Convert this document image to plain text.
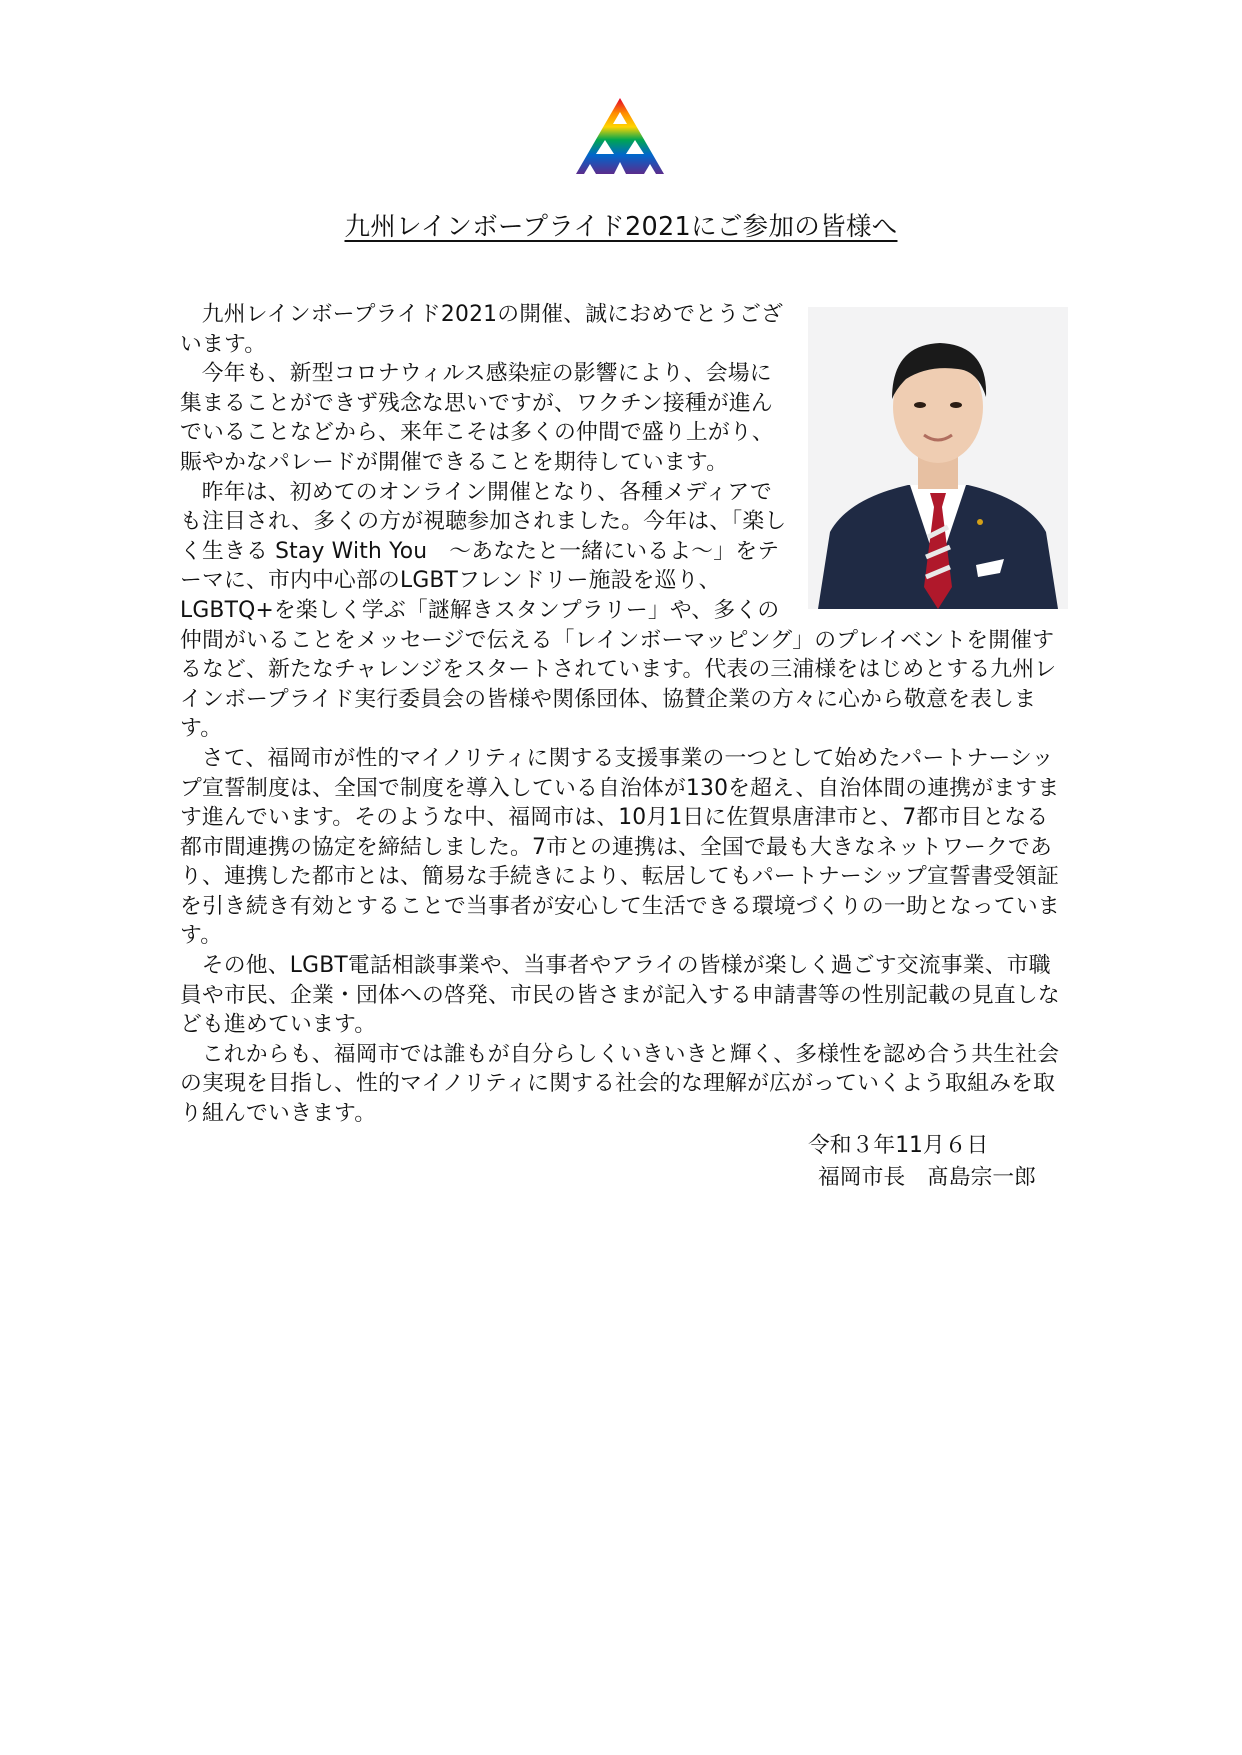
九州レインボープライド2021にご参加の皆様へ

九州レインボープライド2021の開催、誠におめでとうございます。

今年も、新型コロナウィルス感染症の影響により、会場に集まることができず残念な思いですが、ワクチン接種が進んでいることなどから、来年こそは多くの仲間で盛り上がり、賑やかなパレードが開催できることを期待しています。

昨年は、初めてのオンライン開催となり、各種メディアでも注目され、多くの方が視聴参加されました。今年は、「楽しく生きる Stay With You　～あなたと一緒にいるよ～」をテーマに、市内中心部のLGBTフレンドリー施設を巡り、LGBTQ+を楽しく学ぶ「謎解きスタンプラリー」や、多くの仲間がいることをメッセージで伝える「レインボーマッピング」のプレイベントを開催するなど、新たなチャレンジをスタートされています。代表の三浦様をはじめとする九州レインボープライド実行委員会の皆様や関係団体、協賛企業の方々に心から敬意を表します。

さて、福岡市が性的マイノリティに関する支援事業の一つとして始めたパートナーシップ宣誓制度は、全国で制度を導入している自治体が130を超え、自治体間の連携がますます進んでいます。そのような中、福岡市は、10月1日に佐賀県唐津市と、7都市目となる都市間連携の協定を締結しました。7市との連携は、全国で最も大きなネットワークであり、連携した都市とは、簡易な手続きにより、転居してもパートナーシップ宣誓書受領証を引き続き有効とすることで当事者が安心して生活できる環境づくりの一助となっています。

その他、LGBT電話相談事業や、当事者やアライの皆様が楽しく過ごす交流事業、市職員や市民、企業・団体への啓発、市民の皆さまが記入する申請書等の性別記載の見直しなども進めています。

これからも、福岡市では誰もが自分らしくいきいきと輝く、多様性を認め合う共生社会の実現を目指し、性的マイノリティに関する社会的な理解が広がっていくよう取組みを取り組んでいきます。

令和３年11月６日
福岡市長　髙島宗一郎
